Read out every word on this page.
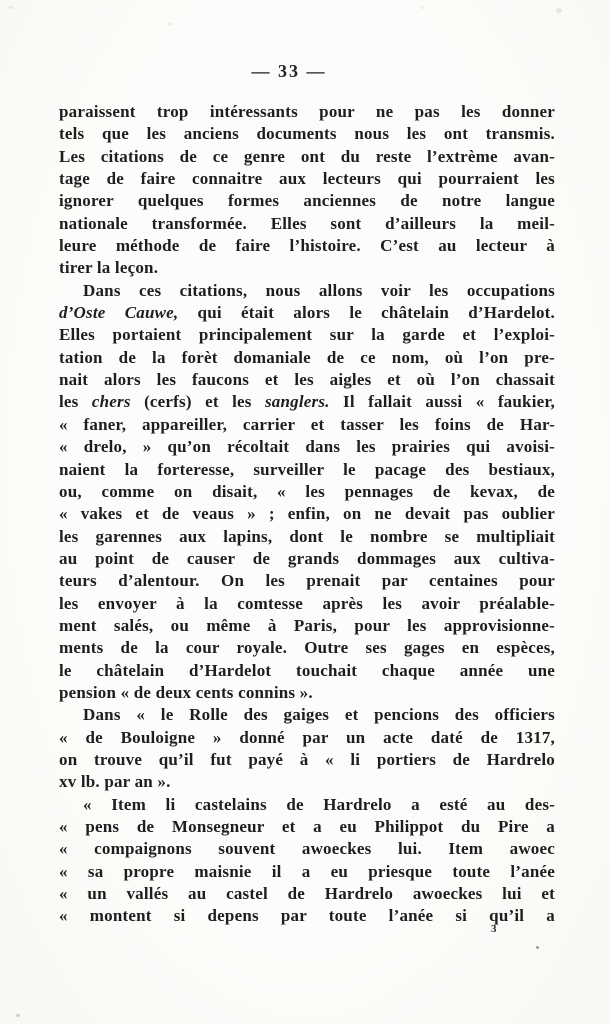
— 33 —
paraissent trop intéressants pour ne pas les donner
tels que les anciens documents nous les ont transmis.
Les citations de ce genre ont du reste l’extrème avan-
tage de faire connaitre aux lecteurs qui pourraient les
ignorer quelques formes anciennes de notre langue
nationale transformée. Elles sont d’ailleurs la meil-
leure méthode de faire l’histoire. C’est au lecteur à
tirer la leçon.
Dans ces citations, nous allons voir les occupations
d’Oste Cauwe, qui était alors le châtelain d’Hardelot.
Elles portaient principalement sur la garde et l’exploi-
tation de la forèt domaniale de ce nom, où l’on pre-
nait alors les faucons et les aigles et où l’on chassait
les chers (cerfs) et les sanglers. Il fallait aussi « faukier,
« faner, appareiller, carrier et tasser les foins de Har-
« drelo, » qu’on récoltait dans les prairies qui avoisi-
naient la forteresse, surveiller le pacage des bestiaux,
ou, comme on disait, « les pennages de kevax, de
« vakes et de veaus » ; enfin, on ne devait pas oublier
les garennes aux lapins, dont le nombre se multipliait
au point de causer de grands dommages aux cultiva-
teurs d’alentour. On les prenait par centaines pour
les envoyer à la comtesse après les avoir préalable-
ment salés, ou même à Paris, pour les approvisionne-
ments de la cour royale. Outre ses gages en espèces,
le châtelain d’Hardelot touchait chaque année une
pension « de deux cents connins ».
Dans « le Rolle des gaiges et pencions des officiers
« de Bouloigne » donné par un acte daté de 1317,
on trouve qu’il fut payé à « li portiers de Hardrelo
xv lb. par an ».
« Item li castelains de Hardrelo a esté au des-
« pens de Monsegneur et a eu Philippot du Pire a
« compaignons souvent awoeckes lui. Item awoec
« sa propre maisnie il a eu priesque toute l’anée
« un vallés au castel de Hardrelo awoeckes lui et
« montent si depens par toute l’anée si qu’il a
3
